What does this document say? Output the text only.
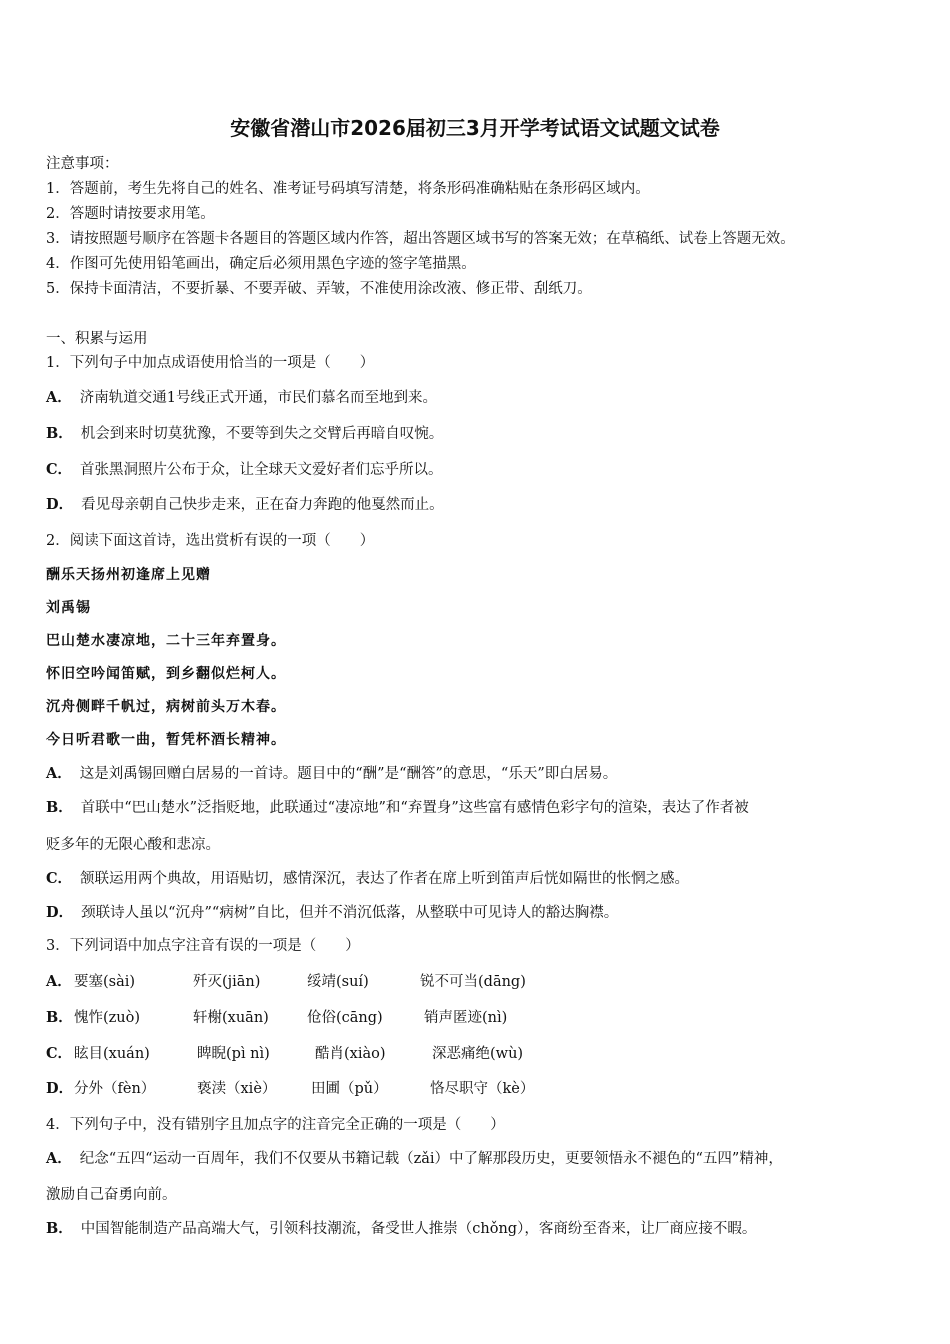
安徽省潜山市2026届初三3月开学考试语文试题文试卷
注意事项：
1．答题前，考生先将自己的姓名、准考证号码填写清楚，将条形码准确粘贴在条形码区域内。
2．答题时请按要求用笔。
3．请按照题号顺序在答题卡各题目的答题区域内作答，超出答题区域书写的答案无效；在草稿纸、试卷上答题无效。
4．作图可先使用铅笔画出，确定后必须用黑色字迹的签字笔描黑。
5．保持卡面清洁，不要折暴、不要弄破、弄皱，不准使用涂改液、修正带、刮纸刀。
一、积累与运用
1．下列句子中加点成语使用恰当的一项是（　　）
A． 济南轨道交通1号线正式开通，市民们慕名而至地到来。
B． 机会到来时切莫犹豫，不要等到失之交臂后再暗自叹惋。
C． 首张黑洞照片公布于众，让全球天文爱好者们忘乎所以。
D． 看见母亲朝自己快步走来，正在奋力奔跑的他戛然而止。
2．阅读下面这首诗，选出赏析有误的一项（　　）
酬乐天扬州初逢席上见赠
刘禹锡
巴山楚水凄凉地，二十三年弃置身。
怀旧空吟闻笛赋，到乡翻似烂柯人。
沉舟侧畔千帆过，病树前头万木春。
今日听君歌一曲，暂凭杯酒长精神。
A． 这是刘禹锡回赠白居易的一首诗。题目中的“酬”是“酬答”的意思，“乐天”即白居易。
B． 首联中“巴山楚水”泛指贬地，此联通过“凄凉地”和“弃置身”这些富有感情色彩字句的渲染，表达了作者被
贬多年的无限心酸和悲凉。
C． 颔联运用两个典故，用语贴切，感情深沉，表达了作者在席上听到笛声后恍如隔世的怅惘之感。
D． 颈联诗人虽以“沉舟”“病树”自比，但并不消沉低落，从整联中可见诗人的豁达胸襟。
3．下列词语中加点字注音有误的一项是（　　）
A． 要塞(sài)	歼灭(jiān)	绥靖(suí)	锐不可当(dāng)
B． 愧怍(zuò)	轩榭(xuān)	伧俗(cāng)	销声匿迹(nì)
C． 眩目(xuán)	睥睨(pì nì)	酷肖(xiào)	深恶痛绝(wù)
D． 分外（fèn）	亵渎（xiè） 田圃（pǔ）	恪尽职守（kè）
4．下列句子中，没有错别字且加点字的注音完全正确的一项是（　　）
A． 纪念“五四“运动一百周年，我们不仅要从书籍记载（zǎi）中了解那段历史，更要领悟永不褪色的“五四”精神，
激励自己奋勇向前。
B． 中国智能制造产品高端大气，引领科技潮流，备受世人推崇（chǒng），客商纷至沓来，让厂商应接不暇。
